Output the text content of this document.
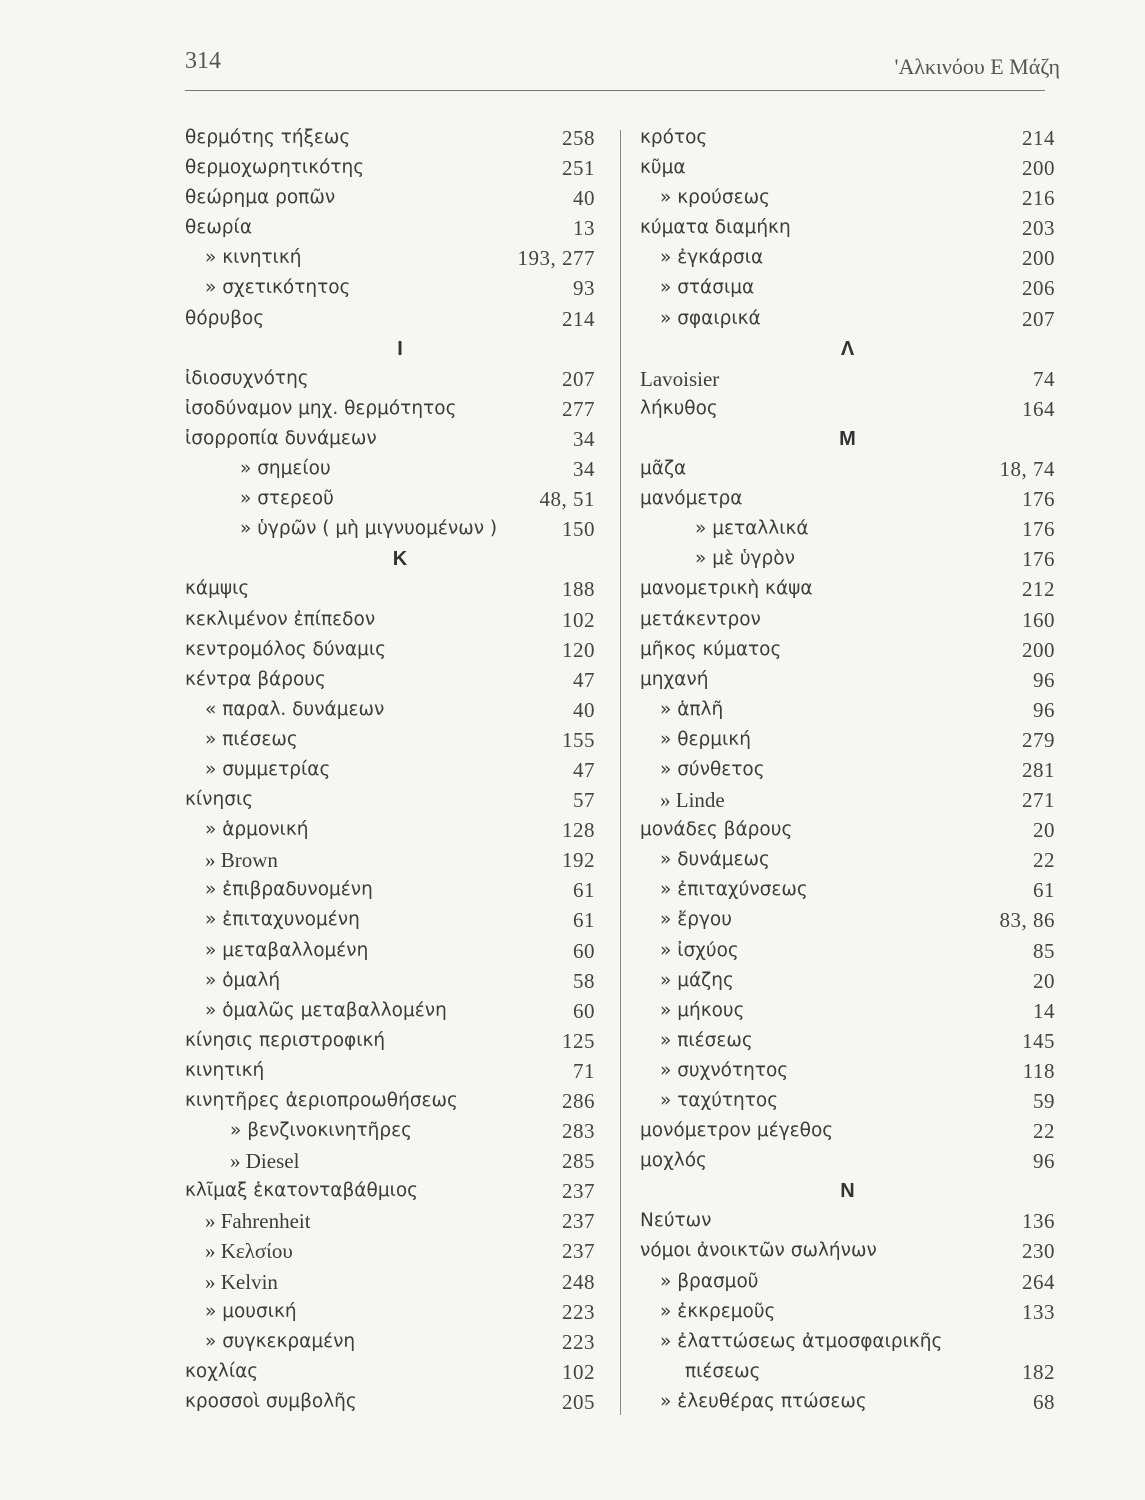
314	'Αλκινόου Ε Μάζη
θερμότης τήξεως	258
θερμοχωρητικότης	251
θεώρημα ροπῶν	40
θεωρία	13
» κινητική	193, 277
» σχετικότητος	93
θόρυβος	214
Ι
ἰδιοσυχνότης	207
ἰσοδύναμον μηχ. θερμότητος	277
ἰσορροπία δυνάμεων	34
» σημείου	34
» στερεοῦ	48, 51
» ὑγρῶν ( μὴ μιγνυομένων )	150
Κ
κάμψις	188
κεκλιμένον ἐπίπεδον	102
κεντρομόλος δύναμις	120
κέντρα βάρους	47
« παραλ. δυνάμεων	40
» πιέσεως	155
» συμμετρίας	47
κίνησις	57
» ἁρμονική	128
» Brown	192
» ἐπιβραδυνομένη	61
» ἐπιταχυνομένη	61
» μεταβαλλομένη	60
» ὁμαλή	58
» ὁμαλῶς μεταβαλλομένη	60
κίνησις περιστροφική	125
κινητική	71
κινητῆρες ἀεριοπροωθήσεως	286
» βενζινοκινητῆρες	283
» Diesel	285
κλῖμαξ ἑκατονταβάθμιος	237
» Fahrenheit	237
» Κελσίου	237
» Kelvin	248
» μουσική	223
» συγκεκραμένη	223
κοχλίας	102
κροσσοὶ συμβολῆς	205
κρότος	214
κῦμα	200
» κρούσεως	216
κύματα διαμήκη	203
» ἐγκάρσια	200
» στάσιμα	206
» σφαιρικά	207
Λ
Lavoisier	74
λήκυθος	164
Μ
μᾶζα	18, 74
μανόμετρα	176
» μεταλλικά	176
» μὲ ὑγρὸν	176
μανομετρικὴ κάψα	212
μετάκεντρον	160
μῆκος κύματος	200
μηχανή	96
» ἁπλῆ	96
» θερμική	279
» σύνθετος	281
» Linde	271
μονάδες βάρους	20
» δυνάμεως	22
» ἐπιταχύνσεως	61
» ἔργου	83, 86
» ἰσχύος	85
» μάζης	20
» μήκους	14
» πιέσεως	145
» συχνότητος	118
» ταχύτητος	59
μονόμετρον μέγεθος	22
μοχλός	96
Ν
Νεύτων	136
νόμοι ἀνοικτῶν σωλήνων	230
» βρασμοῦ	264
» ἐκκρεμοῦς	133
» ἐλαττώσεως ἀτμοσφαιρικῆς
πιέσεως	182
» ἐλευθέρας πτώσεως	68
